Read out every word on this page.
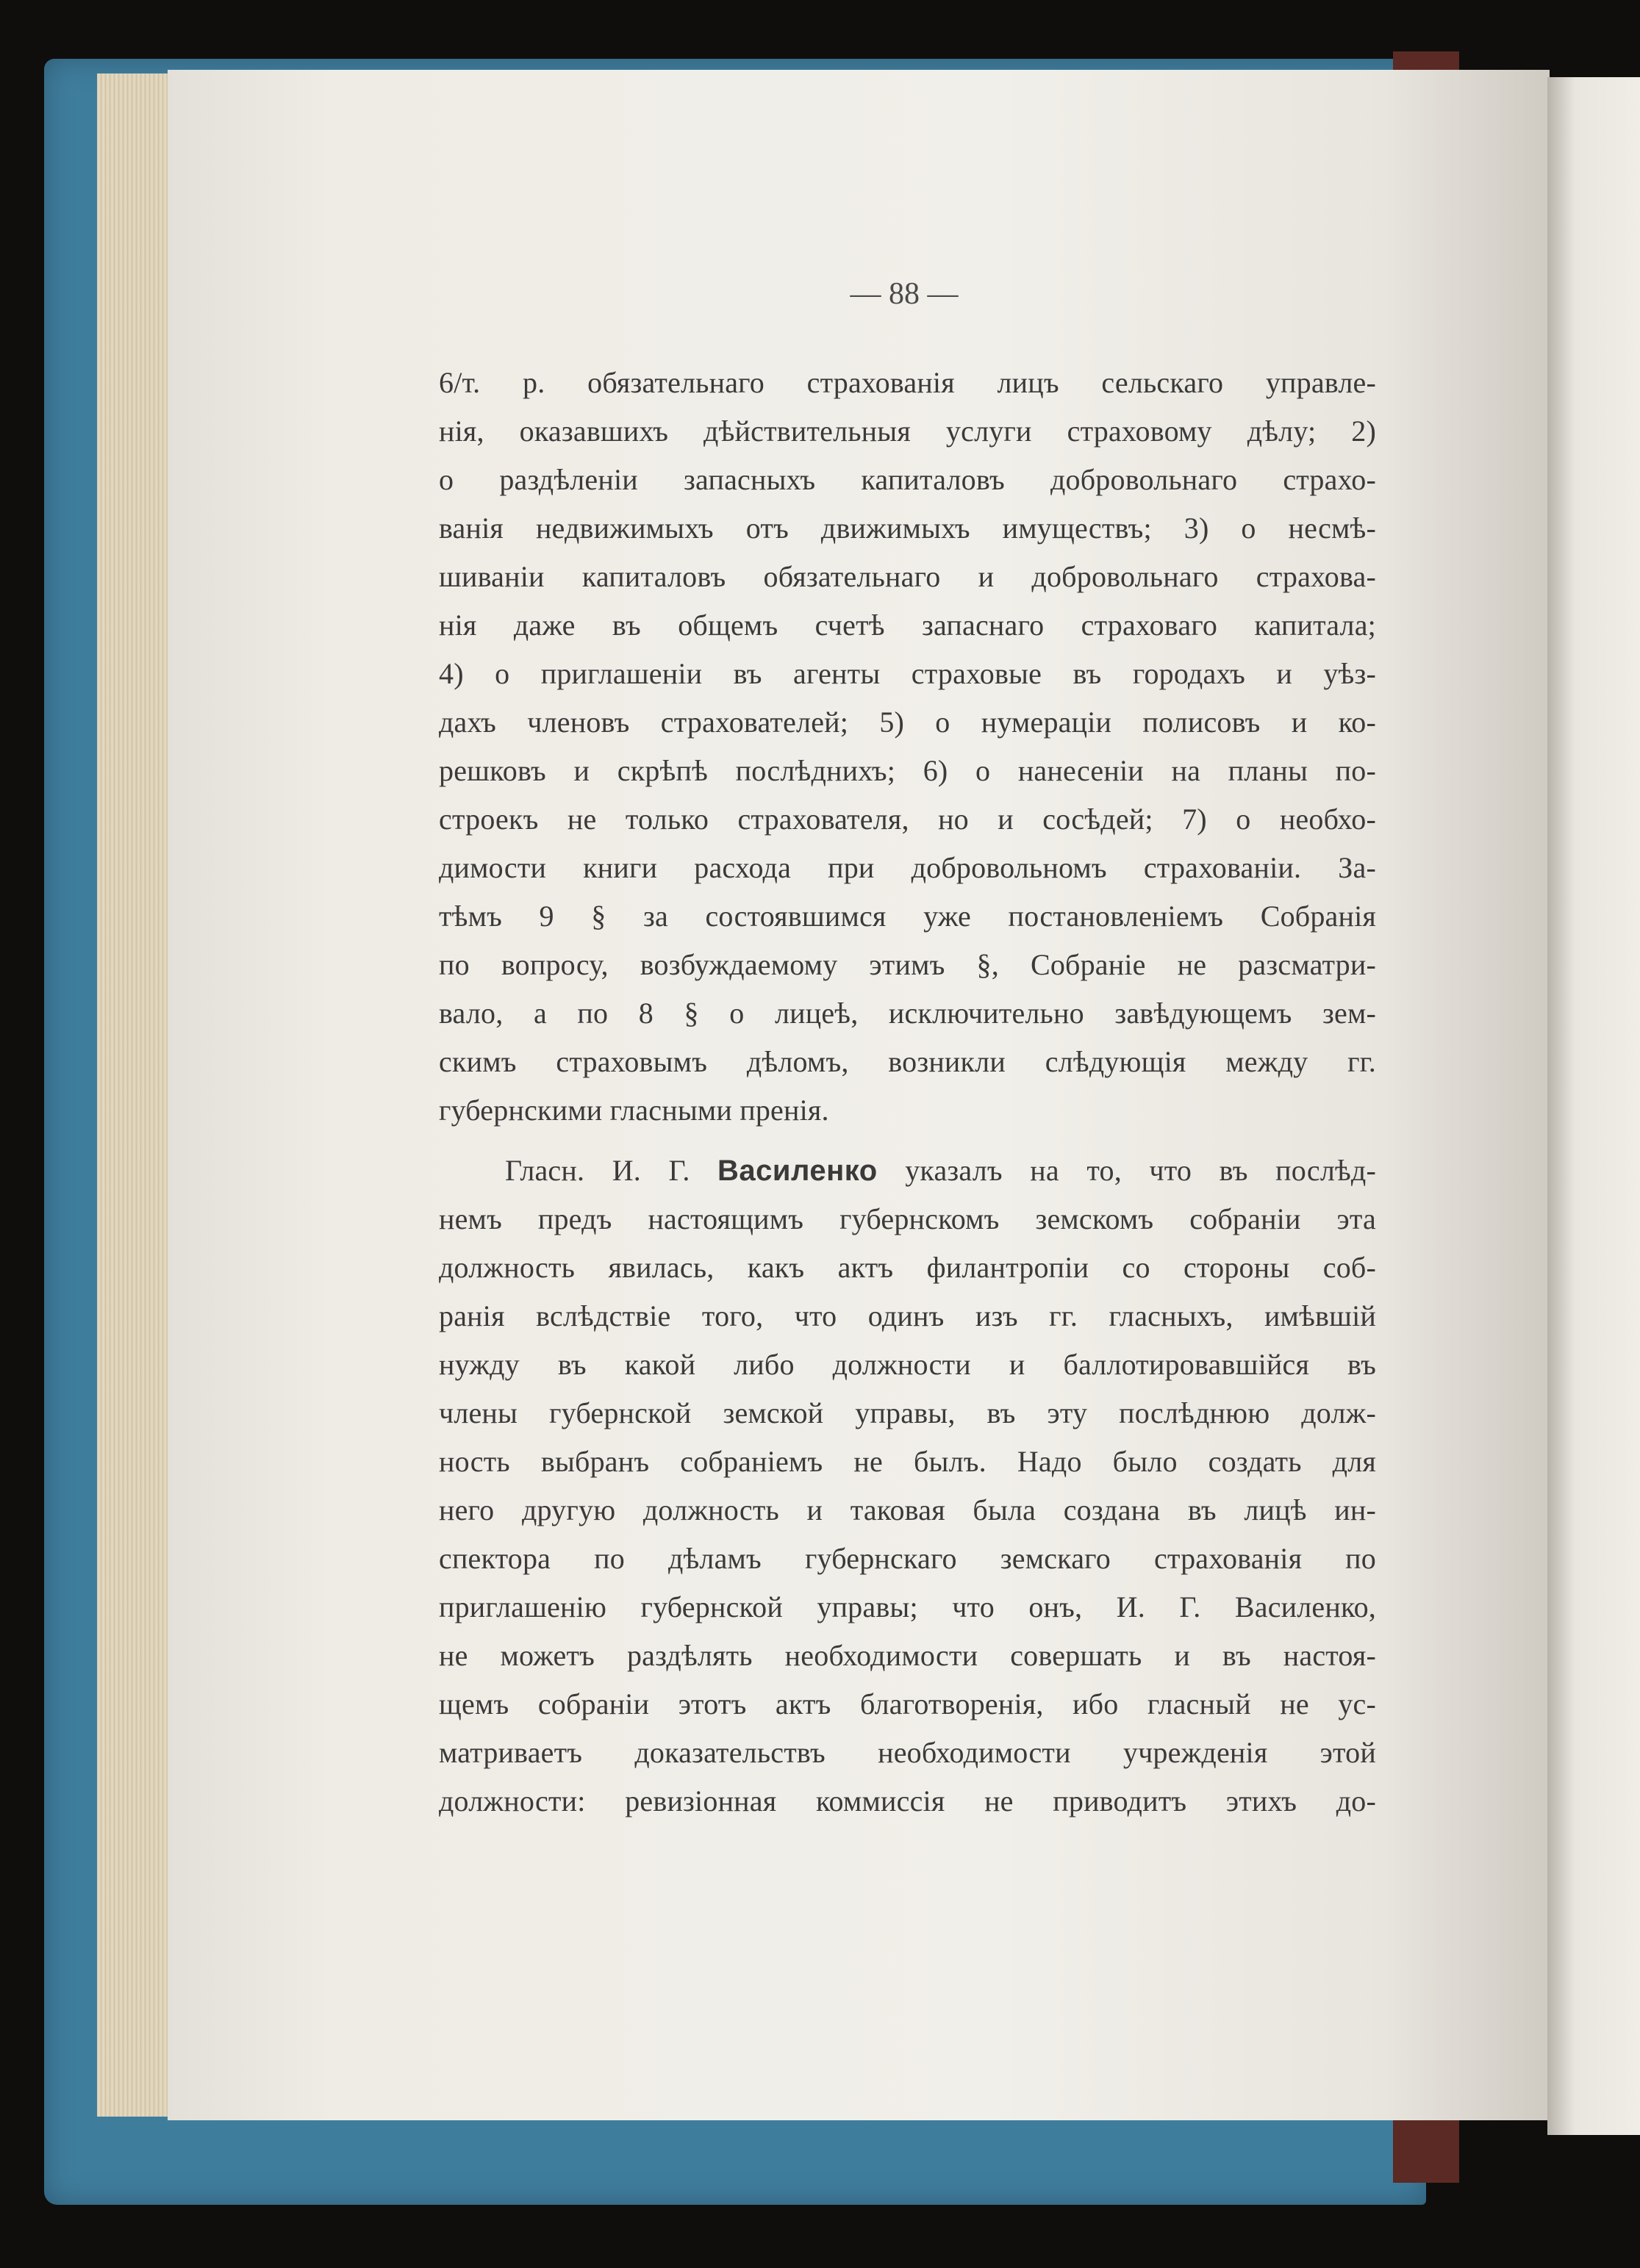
— 88 —
6/т. р. обязательнаго страхованія лицъ сельскаго управле-
нія, оказавшихъ дѣйствительныя услуги страховому дѣлу; 2)
о раздѣленіи запасныхъ капиталовъ добровольнаго страхо-
ванія недвижимыхъ отъ движимыхъ имуществъ; 3) о несмѣ-
шиваніи капиталовъ обязательнаго и добровольнаго страхова-
нія даже въ общемъ счетѣ запаснаго страховаго капитала;
4) о приглашеніи въ агенты страховые въ городахъ и уѣз-
дахъ членовъ страхователей; 5) о нумераціи полисовъ и ко-
решковъ и скрѣпѣ послѣднихъ; 6) о нанесеніи на планы по-
строекъ не только страхователя, но и сосѣдей; 7) о необхо-
димости книги расхода при добровольномъ страхованіи. За-
тѣмъ 9 § за состоявшимся уже постановленіемъ Собранія
по вопросу, возбуждаемому этимъ §, Собраніе не разсматри-
вало, а по 8 § о лицеѣ, исключительно завѣдующемъ зем-
скимъ страховымъ дѣломъ, возникли слѣдующія между гг.
губернскими гласными пренія.
Гласн. И. Г. Василенко указалъ на то, что въ послѣд-
немъ предъ настоящимъ губернскомъ земскомъ собраніи эта
должность явилась, какъ актъ филантропіи со стороны соб-
ранія вслѣдствіе того, что одинъ изъ гг. гласныхъ, имѣвшій
нужду въ какой либо должности и баллотировавшійся въ
члены губернской земской управы, въ эту послѣднюю долж-
ность выбранъ собраніемъ не былъ. Надо было создать для
него другую должность и таковая была создана въ лицѣ ин-
спектора по дѣламъ губернскаго земскаго страхованія по
приглашенію губернской управы; что онъ, И. Г. Василенко,
не можетъ раздѣлять необходимости совершать и въ настоя-
щемъ собраніи этотъ актъ благотворенія, ибо гласный не ус-
матриваетъ доказательствъ необходимости учрежденія этой
должности: ревизіонная коммиссія не приводитъ этихъ до-
